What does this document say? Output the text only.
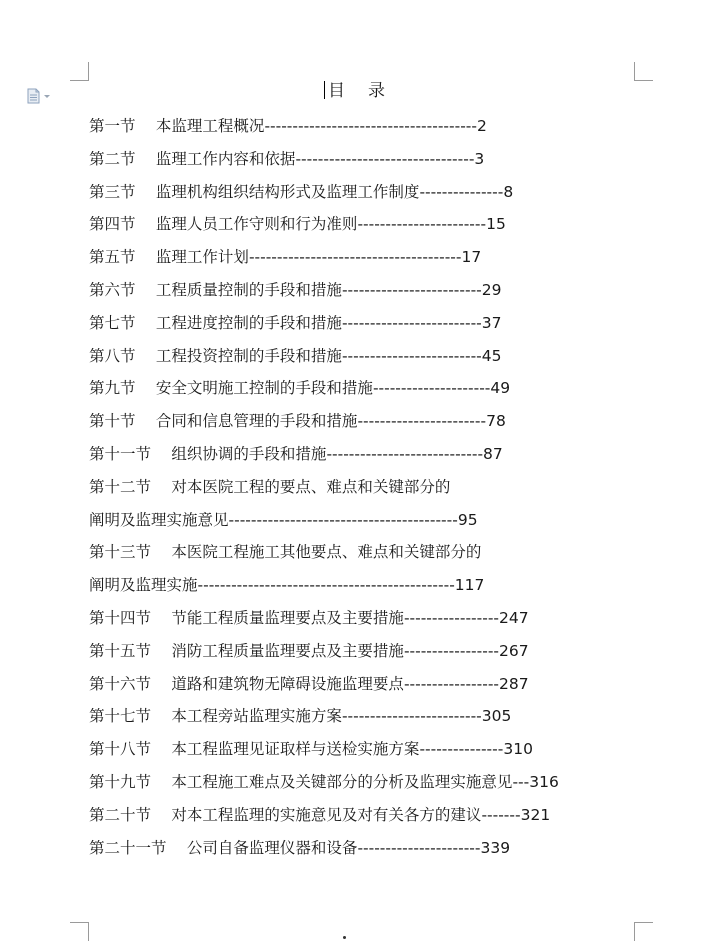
目 录
第一节　 本监理工程概况--------------------------------------2
第二节　 监理工作内容和依据--------------------------------3
第三节　 监理机构组织结构形式及监理工作制度---------------8
第四节　 监理人员工作守则和行为准则-----------------------15
第五节　 监理工作计划--------------------------------------17
第六节　 工程质量控制的手段和措施-------------------------29
第七节　 工程进度控制的手段和措施-------------------------37
第八节　 工程投资控制的手段和措施-------------------------45
第九节　 安全文明施工控制的手段和措施---------------------49
第十节　 合同和信息管理的手段和措施-----------------------78
第十一节　 组织协调的手段和措施----------------------------87
第十二节　 对本医院工程的要点、难点和关键部分的
阐明及监理实施意见-----------------------------------------95
第十三节　 本医院工程施工其他要点、难点和关键部分的
阐明及监理实施----------------------------------------------117
第十四节　 节能工程质量监理要点及主要措施-----------------247
第十五节　 消防工程质量监理要点及主要措施-----------------267
第十六节　 道路和建筑物无障碍设施监理要点-----------------287
第十七节　 本工程旁站监理实施方案-------------------------305
第十八节　 本工程监理见证取样与送检实施方案---------------310
第十九节　 本工程施工难点及关键部分的分析及监理实施意见---316
第二十节　 对本工程监理的实施意见及对有关各方的建议-------321
第二十一节　 公司自备监理仪器和设备----------------------339
